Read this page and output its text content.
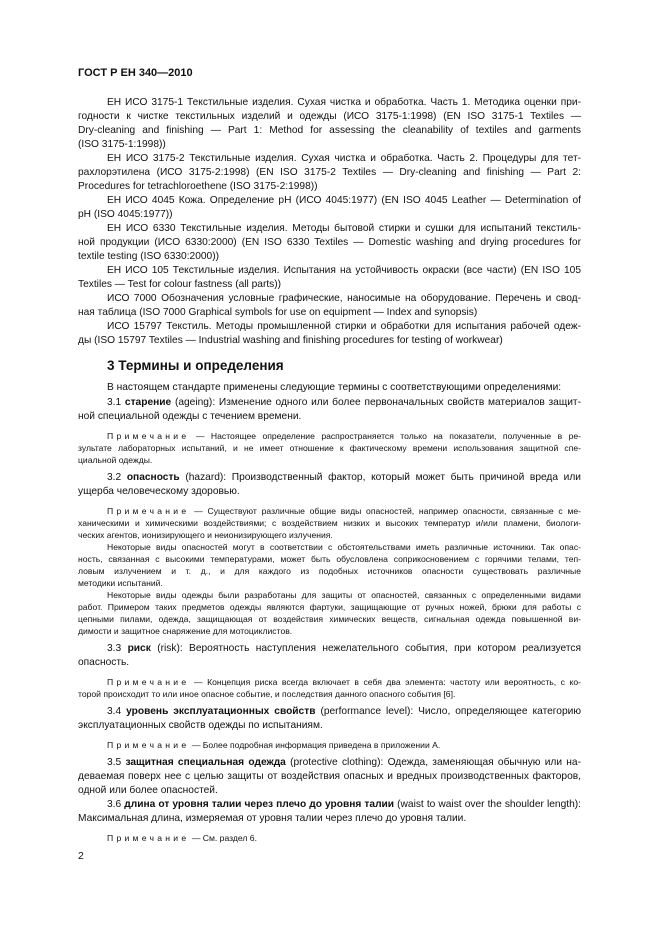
ГОСТ Р ЕН 340—2010
ЕН ИСО 3175-1 Текстильные изделия. Сухая чистка и обработка. Часть 1. Методика оценки при-
годности к чистке текстильных изделий и одежды (ИСО 3175-1:1998) (EN ISO 3175-1 Textiles —
Dry-cleaning and finishing — Part 1: Method for assessing the cleanability of textiles and garments
(ISO 3175-1:1998))
ЕН ИСО 3175-2 Текстильные изделия. Сухая чистка и обработка. Часть 2. Процедуры для тет-
рахлорэтилена (ИСО 3175-2:1998) (EN ISO 3175-2 Textiles — Dry-cleaning and finishing — Part 2:
Procedures for tetrachloroethene (ISO 3175-2:1998))
ЕН ИСО 4045 Кожа. Определение pH (ИСО 4045:1977) (EN ISO 4045 Leather — Determination of
pH (ISO 4045:1977))
ЕН ИСО 6330 Текстильные изделия. Методы бытовой стирки и сушки для испытаний текстиль-
ной продукции (ИСО 6330:2000) (EN ISO 6330 Textiles — Domestic washing and drying procedures for
textile testing (ISO 6330:2000))
ЕН ИСО 105 Текстильные изделия. Испытания на устойчивость окраски (все части) (EN ISO 105
Textiles — Test for colour fastness (all parts))
ИСО 7000 Обозначения условные графические, наносимые на оборудование. Перечень и свод-
ная таблица (ISO 7000 Graphical symbols for use on equipment — Index and synopsis)
ИСО 15797 Текстиль. Методы промышленной стирки и обработки для испытания рабочей одеж-
ды (ISO 15797 Textiles — Industrial washing and finishing procedures for testing of workwear)
3 Термины и определения
В настоящем стандарте применены следующие термины с соответствующими определениями:
3.1 старение (ageing): Изменение одного или более первоначальных свойств материалов защит-
ной специальной одежды с течением времени.
Примечание — Настоящее определение распространяется только на показатели, полученные в ре-
зультате лабораторных испытаний, и не имеет отношение к фактическому времени использования защитной спе-
циальной одежды.
3.2 опасность (hazard): Производственный фактор, который может быть причиной вреда или
ущерба человеческому здоровью.
Примечание — Существуют различные общие виды опасностей, например опасности, связанные с ме-
ханическими и химическими воздействиями; с воздействием низких и высоких температур и/или пламени, биологи-
ческих агентов, ионизирующего и неионизирующего излучения.
Некоторые виды опасностей могут в соответствии с обстоятельствами иметь различные источники. Так опас-
ность, связанная с высокими температурами, может быть обусловлена соприкосновением с горячими телами, теп-
ловым излучением и т. д., и для каждого из подобных источников опасности существовать различные
методики испытаний.
Некоторые виды одежды были разработаны для защиты от опасностей, связанных с определенными видами
работ. Примером таких предметов одежды являются фартуки, защищающие от ручных ножей, брюки для работы с
цепными пилами, одежда, защищающая от воздействия химических веществ, сигнальная одежда повышенной ви-
димости и защитное снаряжение для мотоциклистов.
3.3 риск (risk): Вероятность наступления нежелательного события, при котором реализуется
опасность.
Примечание — Концепция риска всегда включает в себя два элемента: частоту или вероятность, с ко-
торой происходит то или иное опасное событие, и последствия данного опасного события [6].
3.4 уровень эксплуатационных свойств (performance level): Число, определяющее категорию
эксплуатационных свойств одежды по испытаниям.
Примечание — Более подробная информация приведена в приложении А.
3.5 защитная специальная одежда (protective clothing): Одежда, заменяющая обычную или на-
деваемая поверх нее с целью защиты от воздействия опасных и вредных производственных факторов,
одной или более опасностей.
3.6 длина от уровня талии через плечо до уровня талии (waist to waist over the shoulder length):
Максимальная длина, измеряемая от уровня талии через плечо до уровня талии.
Примечание — См. раздел 6.
2
